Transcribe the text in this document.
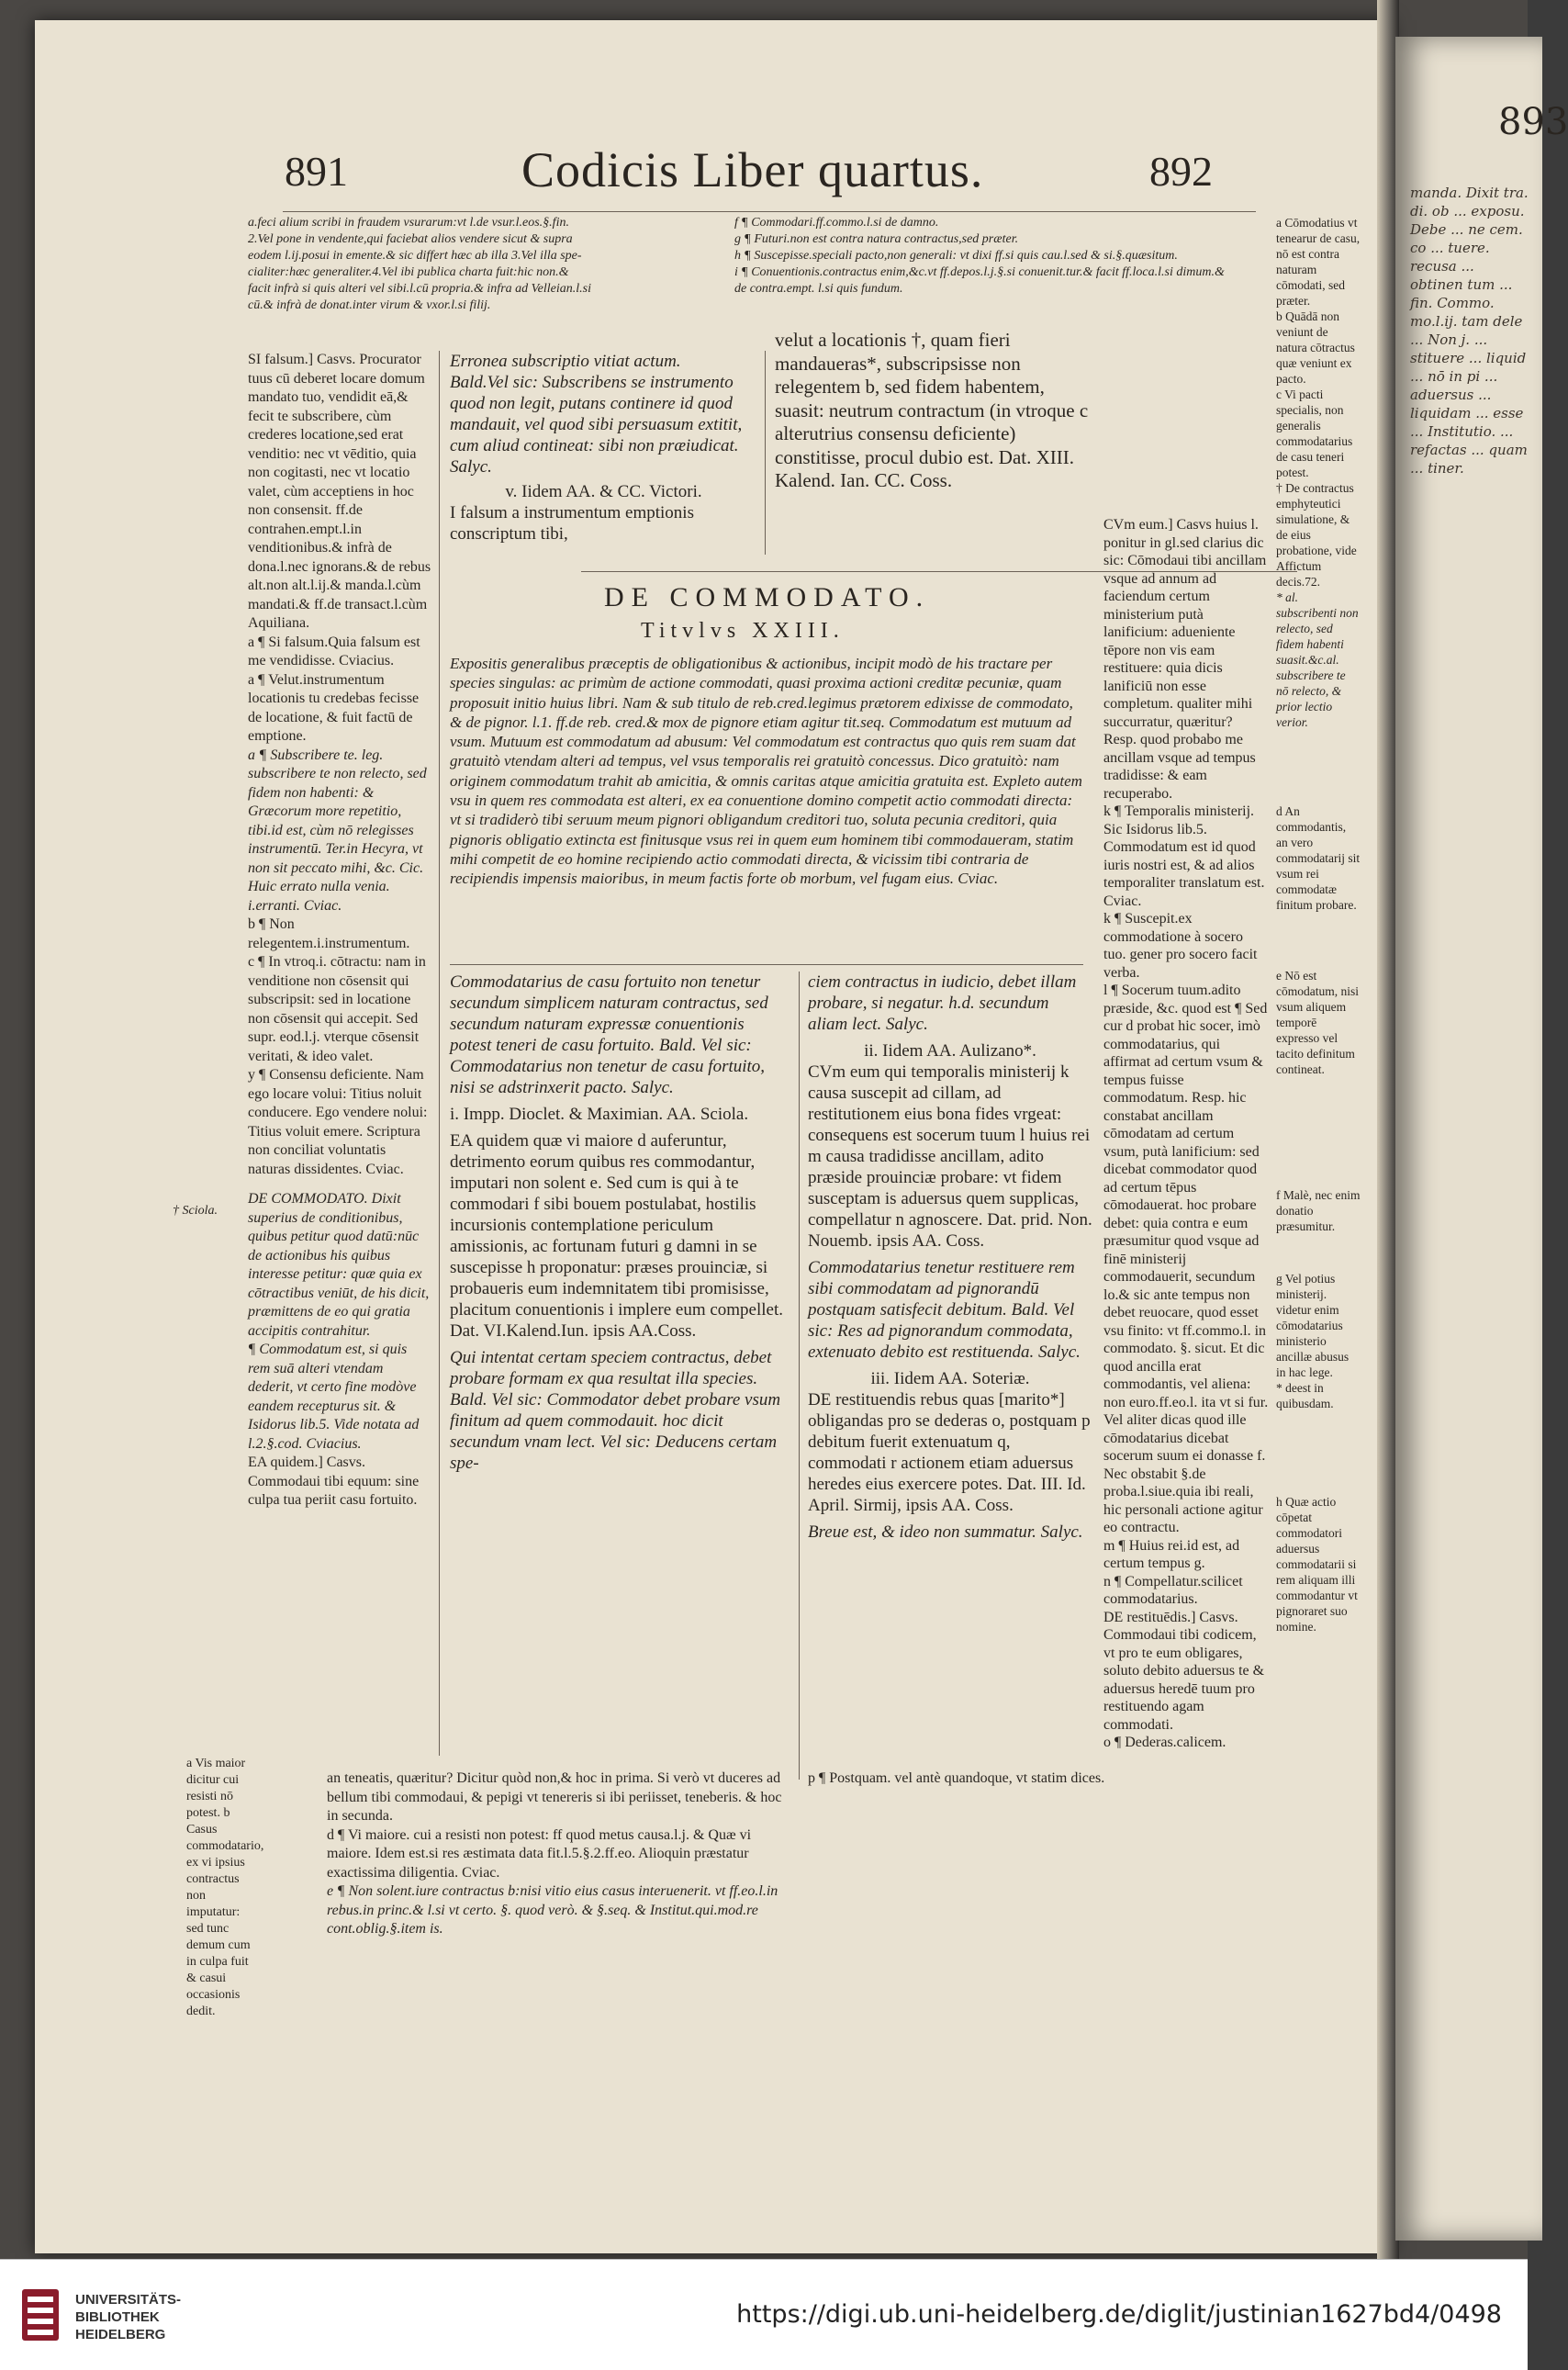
891	Codicis Liber quartus.	892

a.feci alium scribi in fraudem vsurarum:vt l.de vsur.l.eos.§.fin.

2.Vel pone in vendente,qui faciebat alios vendere sicut & supra

eodem l.ij.posui in emente.& sic differt hæc ab illa 3.Vel illa spe-

cialiter:hæc generaliter.4.Vel ibi publica charta fuit:hic non.&

facit infrà si quis alteri vel sibi.l.cū propria.& infra ad Velleian.l.si

cū.& infrà de donat.inter virum & vxor.l.si filij.

f ¶ Commodari.ff.commo.l.si de damno.

g ¶ Futuri.non est contra natura contractus,sed præter.

h ¶ Suscepisse.speciali pacto,non generali: vt dixi ff.si quis cau.l.sed & si.§.quæsitum.

i ¶ Conuentionis.contractus enim,&c.vt ff.depos.l.j.§.si conuenit.tur.& facit ff.loca.l.si dimum.& de contra.empt. l.si quis fundum.

SI falsum.] Casvs. Procurator tuus cū deberet locare domum mandato tuo, vendidit eā,& fecit te subscribere, cùm crederes locatione,sed erat venditio: nec vt vēditio, quia non cogitasti, nec vt locatio valet, cùm acceptiens in hoc non consensit. ff.de contrahen.empt.l.in venditionibus.& infrà de dona.l.nec ignorans.& de rebus alt.non alt.l.ij.& manda.l.cùm mandati.& ff.de transact.l.cùm Aquiliana.

a ¶ Si falsum.Quia falsum est me vendidisse. Cviacius.

a ¶ Velut.instrumentum locationis tu credebas fecisse de locatione, & fuit factū de emptione.

a ¶ Subscribere te. leg. subscribere te non relecto, sed fidem non habenti: & Græcorum more repetitio, tibi.id est, cùm nō relegisses instrumentū. Ter.in Hecyra, vt non sit peccato mihi, &c. Cic. Huic errato nulla venia. i.erranti. Cviac.

b ¶ Non relegentem.i.instrumentum.

c ¶ In vtroq.i. cōtractu: nam in venditione non cōsensit qui subscripsit: sed in locatione non cōsensit qui accepit. Sed supr. eod.l.j. vterque cōsensit veritati, & ideo valet.

y ¶ Consensu deficiente. Nam ego locare volui: Titius noluit conducere. Ego vendere nolui: Titius voluit emere. Scriptura non conciliat voluntatis naturas dissidentes. Cviac.

DE COMMODATO. Dixit superius de conditionibus, quibus petitur quod datū:nūc de actionibus his quibus interesse petitur: quæ quia ex cōtractibus veniūt, de his dicit, præmittens de eo qui gratia accipitis contrahitur.

¶ Commodatum est, si quis rem suā alteri vtendam dederit, vt certo fine modòve eandem recepturus sit. & Isidorus lib.5. Vide notata ad l.2.§.cod. Cviacius.

EA quidem.] Casvs. Commodaui tibi equum: sine culpa tua periit casu fortuito.

† Sciola.
a Vis maior dicitur cui resisti nō potest. b Casus commodatario, ex vi ipsius contractus non imputatur: sed tunc demum cum in culpa fuit & casui occasionis dedit.

Erronea subscriptio vitiat actum.

Bald.Vel sic: Subscribens se instrumento quod non legit, putans continere id quod mandauit, vel quod sibi persuasum extitit, cum aliud contineat: sibi non præiudicat. Salyc.

v. Iidem AA. & CC. Victori.

I falsum a instrumentum emptionis conscriptum tibi,

velut a locationis †, quam fieri mandaueras*, subscripsisse non relegentem b, sed fidem habentem, suasit: neutrum contractum (in vtroque c alterutrius consensu deficiente) constitisse, procul dubio est. Dat. XIII. Kalend. Ian. CC. Coss.
DE COMMODATO.
Titvlvs XXIII.
Expositis generalibus præceptis de obligationibus & actionibus, incipit modò de his tractare per species singulas: ac primùm de actione commodati, quasi proxima actioni creditæ pecuniæ, quam proposuit initio huius libri. Nam & sub titulo de reb.cred.legimus prætorem edixisse de commodato, & de pignor. l.1. ff.de reb. cred.& mox de pignore etiam agitur tit.seq. Commodatum est mutuum ad vsum. Mutuum est commodatum ad abusum: Vel commodatum est contractus quo quis rem suam dat gratuitò vtendam alteri ad tempus, vel vsus temporalis rei gratuitò concessus. Dico gratuitò: nam originem commodatum trahit ab amicitia, & omnis caritas atque amicitia gratuita est. Expleto autem vsu in quem res commodata est alteri, ex ea conuentione domino competit actio commodati directa: vt si tradiderò tibi seruum meum pignori obligandum creditori tuo, soluta pecunia creditori, quia pignoris obligatio extincta est finitusque vsus rei in quem eum hominem tibi commodaueram, statim mihi competit de eo homine recipiendo actio commodati directa, & vicissim tibi contraria de recipiendis impensis maioribus, in meum factis forte ob morbum, vel fugam eius. Cviac.

Commodatarius de casu fortuito non tenetur secundum simplicem naturam contractus, sed secundum naturam expressæ conuentionis potest teneri de casu fortuito. Bald. Vel sic: Commodatarius non tenetur de casu fortuito, nisi se adstrinxerit pacto. Salyc.

i. Impp. Dioclet. & Maximian. AA. Sciola.

EA quidem quæ vi maiore d auferuntur, detrimento eorum quibus res commodantur, imputari non solent e. Sed cum is qui à te commodari f sibi bouem postulabat, hostilis incursionis contemplatione periculum amissionis, ac fortunam futuri g damni in se suscepisse h proponatur: præses prouinciæ, si probaueris eum indemnitatem tibi promisisse, placitum conuentionis i implere eum compellet. Dat. VI.Kalend.Iun. ipsis AA.Coss.

Qui intentat certam speciem contractus, debet probare formam ex qua resultat illa species. Bald. Vel sic: Commodator debet probare vsum finitum ad quem commodauit. hoc dicit secundum vnam lect. Vel sic: Deducens certam spe-

ciem contractus in iudicio, debet illam probare, si negatur. h.d. secundum aliam lect. Salyc.

ii. Iidem AA. Aulizano*.

CVm eum qui temporalis ministerij k causa suscepit ad cillam, ad restitutionem eius bona fides vrgeat: consequens est socerum tuum l huius rei m causa tradidisse ancillam, adito præside prouinciæ probare: vt fidem susceptam is aduersus quem supplicas, compellatur n agnoscere. Dat. prid. Non. Nouemb. ipsis AA. Coss.

Commodatarius tenetur restituere rem sibi commodatam ad pignorandū postquam satisfecit debitum. Bald. Vel sic: Res ad pignorandum commodata, extenuato debito est restituenda. Salyc.

iii. Iidem AA. Soteriæ.

DE restituendis rebus quas [marito*] obligandas pro se dederas o, postquam p debitum fuerit extenuatum q, commodati r actionem etiam aduersus heredes eius exercere potes. Dat. III. Id. April. Sirmij, ipsis AA. Coss.

Breue est, & ideo non summatur. Salyc.

CVm eum.] Casvs huius l. ponitur in gl.sed clarius dic sic: Cōmodaui tibi ancillam vsque ad annum ad faciendum certum ministerium putà lanificium: adueniente tēpore non vis eam restituere: quia dicis lanificiū non esse completum. qualiter mihi succurratur, quæritur? Resp. quod probabo me ancillam vsque ad tempus tradidisse: & eam recuperabo.

k ¶ Temporalis ministerij. Sic Isidorus lib.5. Commodatum est id quod iuris nostri est, & ad alios temporaliter translatum est. Cviac.

k ¶ Suscepit.ex commodatione à socero tuo. gener pro socero facit verba.

l ¶ Socerum tuum.adito præside, &c. quod est ¶ Sed cur d probat hic socer, imò commodatarius, qui affirmat ad certum vsum & tempus fuisse commodatum. Resp. hic constabat ancillam cōmodatam ad certum vsum, putà lanificium: sed dicebat commodator quod ad certum tēpus cōmodauerat. hoc probare debet: quia contra e eum præsumitur quod vsque ad finē ministerij commodauerit, secundum lo.& sic ante tempus non debet reuocare, quod esset vsu finito: vt ff.commo.l. in commodato. §. sicut. Et dic quod ancilla erat commodantis, vel aliena: non euro.ff.eo.l. ita vt si fur. Vel aliter dicas quod ille cōmodatarius dicebat socerum suum ei donasse f. Nec obstabit §.de proba.l.siue.quia ibi reali, hic personali actione agitur eo contractu.

m ¶ Huius rei.id est, ad certum tempus g.

n ¶ Compellatur.scilicet commodatarius.

DE restituēdis.] Casvs. Commodaui tibi codicem, vt pro te eum obligares, soluto debito aduersus te & aduersus heredē tuum pro restituendo agam commodati.

o ¶ Dederas.calicem.

a Cōmodatius vt tenearur de casu, nō est contra naturam cōmodati, sed præter.

b Quādā non veniunt de natura cōtractus quæ veniunt ex pacto.

c Vi pacti specialis, non generalis commodatarius de casu teneri potest.

† De contractus emphyteutici simulatione, & de eius probatione, vide Affictum decis.72.

* al. subscribenti non relecto, sed fidem habenti suasit.&c.al. subscribere te nō relecto, & prior lectio verior.

d An commodantis, an vero commodatarij sit vsum rei commodatæ finitum probare.

e Nō est cōmodatum, nisi vsum aliquem temporē expresso vel tacito definitum contineat.

f Malè, nec enim donatio præsumitur.

g Vel potius ministerij. videtur enim cōmodatarius ministerio ancillæ abusus in hac lege.

* deest in quibusdam.

h Quæ actio cōpetat commodatori aduersus commodatarii si rem aliquam illi commodantur vt pignoraret suo nomine.

an teneatis, quæritur? Dicitur quòd non,& hoc in prima. Si verò vt duceres ad bellum tibi commodaui, & pepigi vt tenereris si ibi periisset, teneberis. & hoc in secunda.

d ¶ Vi maiore. cui a resisti non potest: ff quod metus causa.l.j. & Quæ vi maiore. Idem est.si res æstimata data fit.l.5.§.2.ff.eo. Alioquin præstatur exactissima diligentia. Cviac.

e ¶ Non solent.iure contractus b:nisi vitio eius casus interuenerit. vt ff.eo.l.in rebus.in princ.& l.si vt certo. §. quod verò. & §.seq. & Institut.qui.mod.re cont.oblig.§.item is.

p ¶ Postquam. vel antè quandoque, vt statim dices.

893
manda. Dixit tra. di. ob ... exposu. Debe ... ne cem. co ... tuere. recusa ... obtinen tum ... fin. Commo. mo.l.ij. tam dele ... Non j. ... stituere ... liquid ... nō in pi ... aduersus ... liquidam ... esse ... Institutio. ... refactas ... quam ... tiner.
UNIVERSITÄTS-
BIBLIOTHEK
HEIDELBERG
https://digi.ub.uni-heidelberg.de/diglit/justinian1627bd4/0498
